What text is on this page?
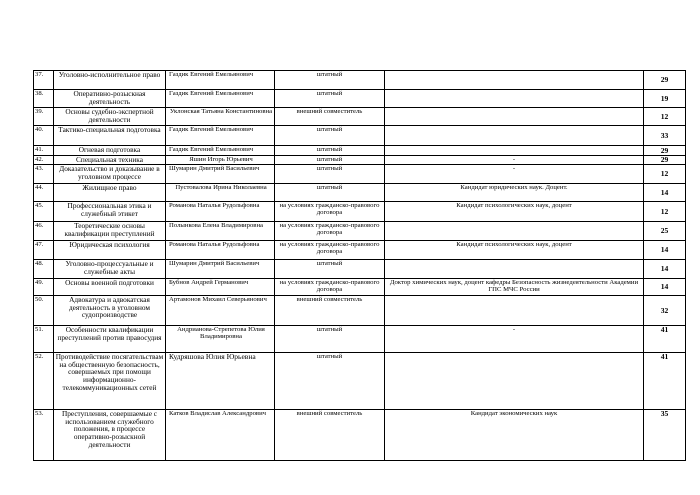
37.	Уголовно-исполнительное право	Газдик Евгений Емельянович	штатный		29
38.	Оперативно-розыскная деятельность	Газдик Евгений Емельянович	штатный		19
39.	Основы судебно-экспертной деятельности	Уклонская Татьяна Константиновна	внешний совместитель		12
40.	Тактико-специальная подготовка	Газдик Евгений Емельянович	штатный		33
41.	Огневая подготовка	Газдик Евгений Емельянович	штатный		29
42.	Специальная техника	Яшин Игорь Юрьевич	штатный	-	29
43.	Доказательство и доказывание в уголовном процессе	Шумарин Дмитрий Васильевич	штатный	-	12
44.	Жилищное право	Пустовалова Ирина Николаевна	штатный	Кандидат юридических наук. Доцент.	14
45.	Профессиональная этика и служебный этикет	Романова Наталья Рудольфовна	на условиях гражданско-правового договора	Кандидат психологических наук, доцент	12
46.	Теоретические основы квалификации преступлений	Полынкова Елена Владимировна	на условиях гражданско-правового договора		25
47.	Юридическая психология	Романова Наталья Рудольфовна	на условиях гражданско-правового договора	Кандидат психологических наук, доцент	14
48.	Уголовно-процессуальные и служебные акты	Шумарин Дмитрий Васильевич	штатный		14
49.	Основы военной подготовки	Бубнов Андрей Германович	на условиях гражданско-правового договора	Доктор химических наук, доцент кафедры Безопасность жизнедеятельности Академии ГПС МЧС России	14
50.	Адвокатура и адвокатская деятельность в уголовном судопроизводстве	Артамонов Михаил Северьянович	внешний совместитель		32
51.	Особенности квалификации преступлений против правосудия	Андрианова-Стрепетова Юлия Владимировна	штатный	-	41
52.	Противодействие посягательствам на общественную безопасность, совершаемых при помощи информационно-телекоммуникационных сетей	Кудряшова Юлия Юрьевна	штатный		41
53.	Преступления, совершаемые с использованием служебного положения, в процессе оперативно-розыскной деятельности	Катков Владислав Александрович	внешний совместитель	Кандидат экономических наук	35
